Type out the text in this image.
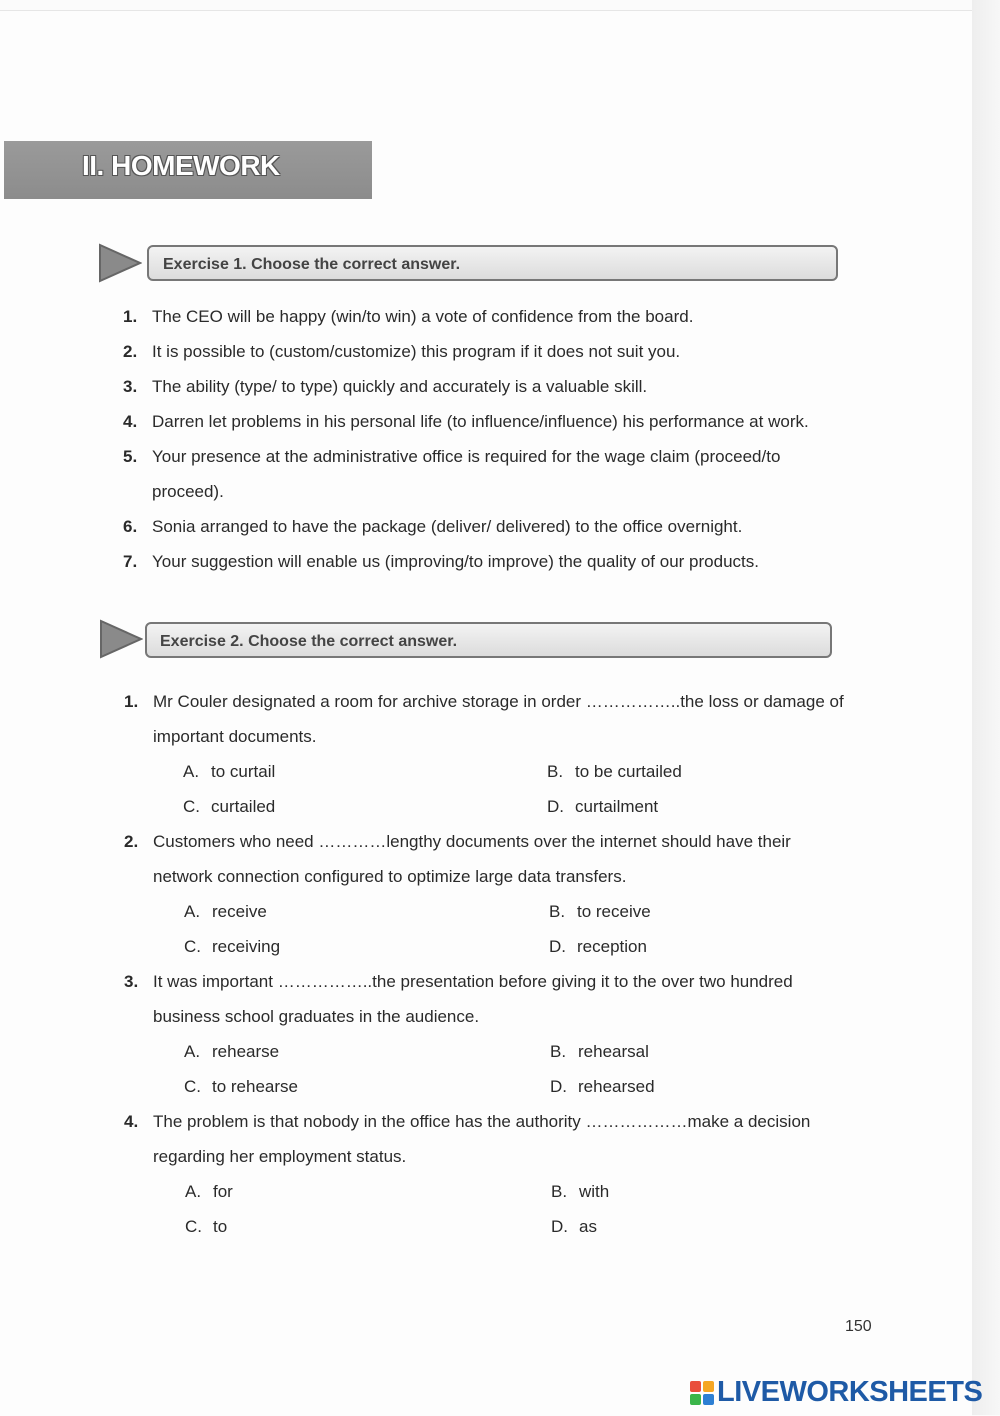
II. HOMEWORK
Exercise 1. Choose the correct answer.
1. The CEO will be happy (win/to win) a vote of confidence from the board.
2. It is possible to (custom/customize) this program if it does not suit you.
3. The ability (type/ to type) quickly and accurately is a valuable skill.
4. Darren let problems in his personal life (to influence/influence) his performance at work.
5. Your presence at the administrative office is required for the wage claim (proceed/to proceed).
6. Sonia arranged to have the package (deliver/ delivered) to the office overnight.
7. Your suggestion will enable us (improving/to improve) the quality of our products.
Exercise 2. Choose the correct answer.
1. Mr Couler designated a room for archive storage in order ……………..the loss or damage of important documents.
A. to curtail	B. to be curtailed
C. curtailed	D. curtailment
2. Customers who need …………lengthy documents over the internet should have their network connection configured to optimize large data transfers.
A. receive	B. to receive
C. receiving	D. reception
3. It was important ……………..the presentation before giving it to the over two hundred business school graduates in the audience.
A. rehearse	B. rehearsal
C. to rehearse	D. rehearsed
4. The problem is that nobody in the office has the authority ………………make a decision regarding her employment status.
A. for	B. with
C. to	D. as
150
LIVEWORKSHEETS
